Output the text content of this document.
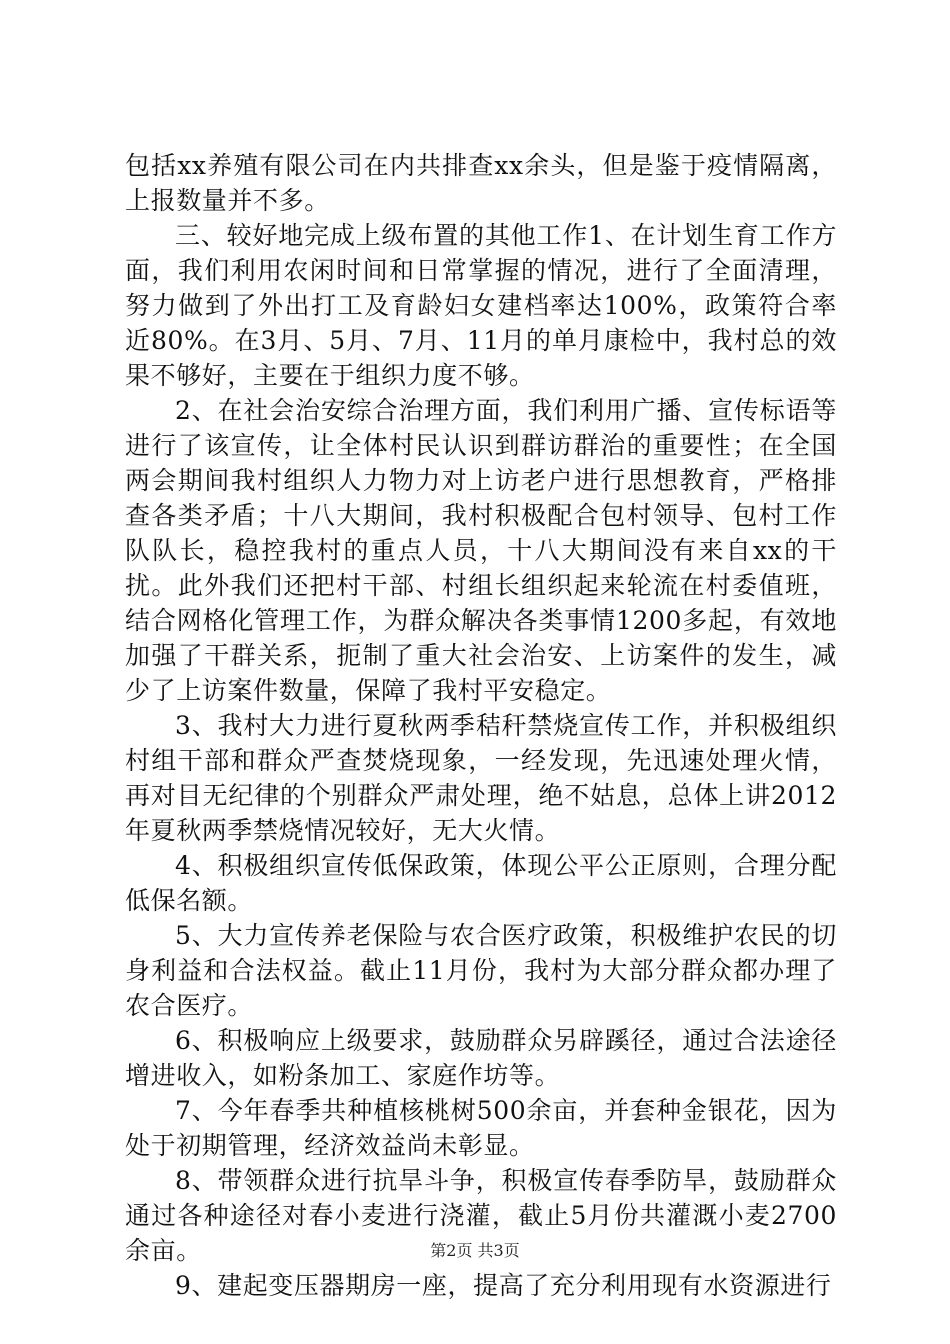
包括xx养殖有限公司在内共排查xx余头，但是鉴于疫情隔离，上报数量并不多。

三、较好地完成上级布置的其他工作1、在计划生育工作方面，我们利用农闲时间和日常掌握的情况，进行了全面清理，努力做到了外出打工及育龄妇女建档率达100%，政策符合率近80%。在3月、5月、7月、11月的单月康检中，我村总的效果不够好，主要在于组织力度不够。

2、在社会治安综合治理方面，我们利用广播、宣传标语等进行了该宣传，让全体村民认识到群访群治的重要性；在全国两会期间我村组织人力物力对上访老户进行思想教育，严格排查各类矛盾；十八大期间，我村积极配合包村领导、包村工作队队长，稳控我村的重点人员，十八大期间没有来自xx的干扰。此外我们还把村干部、村组长组织起来轮流在村委值班，结合网格化管理工作，为群众解决各类事情1200多起，有效地加强了干群关系，扼制了重大社会治安、上访案件的发生，减少了上访案件数量，保障了我村平安稳定。

3、我村大力进行夏秋两季秸秆禁烧宣传工作，并积极组织村组干部和群众严查焚烧现象，一经发现，先迅速处理火情，再对目无纪律的个别群众严肃处理，绝不姑息，总体上讲2012年夏秋两季禁烧情况较好，无大火情。

4、积极组织宣传低保政策，体现公平公正原则，合理分配低保名额。

5、大力宣传养老保险与农合医疗政策，积极维护农民的切身利益和合法权益。截止11月份，我村为大部分群众都办理了农合医疗。

6、积极响应上级要求，鼓励群众另辟蹊径，通过合法途径增进收入，如粉条加工、家庭作坊等。

7、今年春季共种植核桃树500余亩，并套种金银花，因为处于初期管理，经济效益尚未彰显。

8、带领群众进行抗旱斗争，积极宣传春季防旱，鼓励群众通过各种途径对春小麦进行浇灌，截止5月份共灌溉小麦2700余亩。

9、建起变压器期房一座，提高了充分利用现有水资源进行

第2页 共3页
